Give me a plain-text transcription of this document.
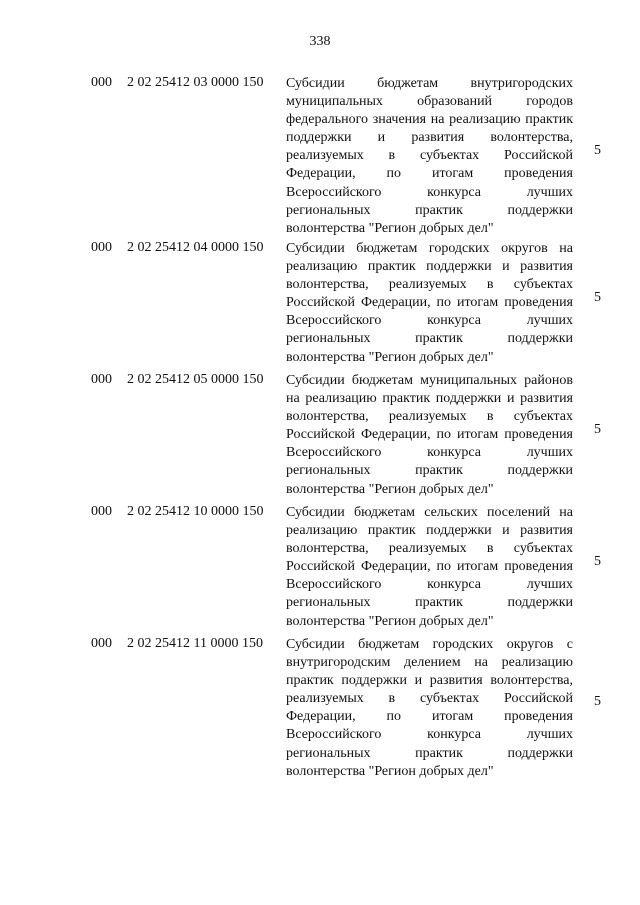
338
000 2 02 25412 03 0000 150 Субсидии бюджетам внутригородских муниципальных образований городов федерального значения на реализацию практик поддержки и развития волонтерства, реализуемых в субъектах Российской Федерации, по итогам проведения Всероссийского конкурса лучших региональных практик поддержки волонтерства "Регион добрых дел"
5
000 2 02 25412 04 0000 150 Субсидии бюджетам городских округов на реализацию практик поддержки и развития волонтерства, реализуемых в субъектах Российской Федерации, по итогам проведения Всероссийского конкурса лучших региональных практик поддержки волонтерства "Регион добрых дел"
5
000 2 02 25412 05 0000 150 Субсидии бюджетам муниципальных районов на реализацию практик поддержки и развития волонтерства, реализуемых в субъектах Российской Федерации, по итогам проведения Всероссийского конкурса лучших региональных практик поддержки волонтерства "Регион добрых дел"
5
000 2 02 25412 10 0000 150 Субсидии бюджетам сельских поселений на реализацию практик поддержки и развития волонтерства, реализуемых в субъектах Российской Федерации, по итогам проведения Всероссийского конкурса лучших региональных практик поддержки волонтерства "Регион добрых дел"
5
000 2 02 25412 11 0000 150 Субсидии бюджетам городских округов с внутригородским делением на реализацию практик поддержки и развития волонтерства, реализуемых в субъектах Российской Федерации, по итогам проведения Всероссийского конкурса лучших региональных практик поддержки волонтерства "Регион добрых дел"
5
